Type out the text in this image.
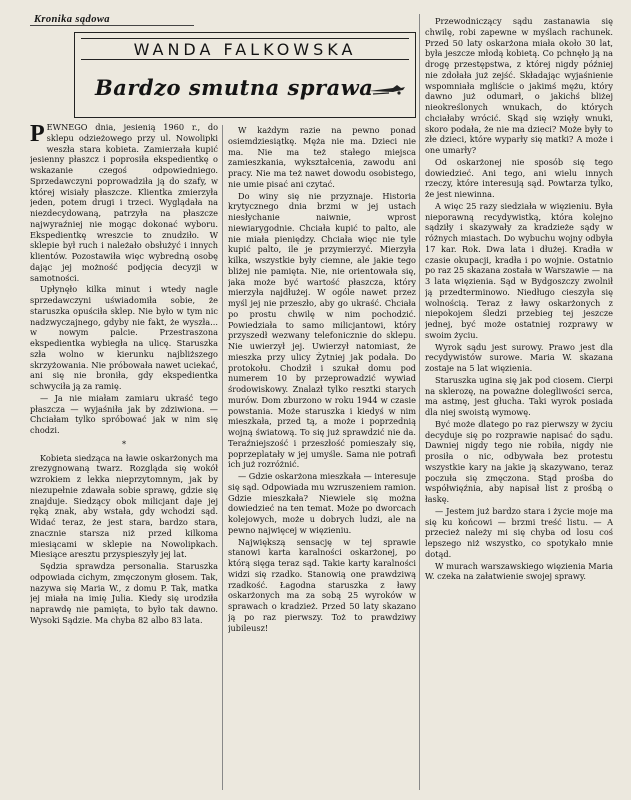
Kronika sądowa
WANDA FALKOWSKA
Bardzo smutna sprawa

PEWNEGO dnia, jesienią 1960 r., do sklepu odzieżowego przy ul. Nowolipki weszła stara kobieta. Zamierzała kupić jesienny płaszcz i poprosiła ekspedientkę o wskazanie czegoś odpowiedniego. Sprzedawczyni poprowadziła ją do szafy, w której wisiały płaszcze. Klientka zmierzyła jeden, potem drugi i trzeci. Wyglądała na niezdecydowaną, patrzyła na płaszcze najwyraźniej nie mogąc dokonać wyboru. Ekspedientkę wreszcie to znudziło. W sklepie był ruch i należało obsłużyć i innych klientów. Pozostawiła więc wybredną osobę dając jej możność podjęcia decyzji w samotności.

Upłynęło kilka minut i wtedy nagle sprzedawczyni uświadomiła sobie, że staruszka opuściła sklep. Nie było w tym nic nadzwyczajnego, gdyby nie fakt, że wyszła... w nowym palcie. Przestraszona ekspedientka wybiegła na ulicę. Staruszka szła wolno w kierunku najbliższego skrzyżowania. Nie próbowała nawet uciekać, ani się nie broniła, gdy ekspedientka schwyciła ją za ramię.

— Ja nie miałam zamiaru ukraść tego płaszcza — wyjaśniła jak by zdziwiona. — Chciałam tylko spróbować jak w nim się chodzi.

*

Kobieta siedząca na ławie oskarżonych ma zrezygnowaną twarz. Rozgląda się wokół wzrokiem z lekka nieprzytomnym, jak by niezupełnie zdawała sobie sprawę, gdzie się znajduje. Siedzący obok milicjant daje jej ręką znak, aby wstała, gdy wchodzi sąd. Widać teraz, że jest stara, bardzo stara, znacznie starsza niż przed kilkoma miesiącami w sklepie na Nowolipkach. Miesiące aresztu przyspieszyły jej lat.

Sędzia sprawdza personalia. Staruszka odpowiada cichym, zmęczonym głosem. Tak, nazywa się Maria W., z domu P. Tak, matka jej miała na imię Julia. Kiedy się urodziła naprawdę nie pamięta, to było tak dawno. Wysoki Sądzie. Ma chyba 82 albo 83 lata.

W każdym razie na pewno ponad osiemdziesiątkę. Męża nie ma. Dzieci nie ma. Nie ma też stałego miejsca zamieszkania, wykształcenia, zawodu ani pracy. Nie ma też nawet dowodu osobistego, nie umie pisać ani czytać.

Do winy się nie przyznaje. Historia krytycznego dnia brzmi w jej ustach niesłychanie naiwnie, wprost niewiarygodnie. Chciała kupić to palto, ale nie miała pieniędzy. Chciała więc nie tyle kupić palto, ile je przymierzyć. Mierzyła kilka, wszystkie były ciemne, ale jakie tego bliżej nie pamięta. Nie, nie orientowała się, jaka może być wartość płaszcza, który mierzyła najdłużej. W ogóle nawet przez myśl jej nie przeszło, aby go ukraść. Chciała po prostu chwilę w nim pochodzić. Powiedziała to samo milicjantowi, który przyszedł wezwany telefonicznie do sklepu. Nie uwierzył jej. Uwierzył natomiast, że mieszka przy ulicy Żytniej jak podała. Do protokołu. Chodził i szukał domu pod numerem 10 by przeprowadzić wywiad środowiskowy. Znalazł tylko resztki starych murów. Dom zburzono w roku 1944 w czasie powstania. Może staruszka i kiedyś w nim mieszkała, przed tą, a może i poprzednią wojną światową. To się już sprawdzić nie da. Teraźniejszość i przeszłość pomieszały się, poprzeplatały w jej umyśle. Sama nie potrafi ich już rozróżnić.

— Gdzie oskarżona mieszkała — interesuje się sąd. Odpowiada mu wzruszeniem ramion. Gdzie mieszkała? Niewiele się można dowiedzieć na ten temat. Może po dworcach kolejowych, może u dobrych ludzi, ale na pewno najwięcej w więzieniu.

Największą sensację w tej sprawie stanowi karta karalności oskarżonej, po którą sięga teraz sąd. Takie karty karalności widzi się rzadko. Stanowią one prawdziwą rzadkość. Łagodna staruszka z ławy oskarżonych ma za sobą 25 wyroków w sprawach o kradzież. Przed 50 laty skazano ją po raz pierwszy. Toż to prawdziwy jubileusz!

Przewodniczący sądu zastanawia się chwilę, robi zapewne w myślach rachunek. Przed 50 laty oskarżona miała około 30 lat, była jeszcze młodą kobietą. Co pchnęło ją na drogę przestępstwa, z której nigdy później nie zdołała już zejść. Składając wyjaśnienie wspomniała mgliście o jakimś mężu, który dawno już odumarł, o jakichś bliżej nieokreślonych wnukach, do których chciałaby wrócić. Skąd się wzięły wnuki, skoro podała, że nie ma dzieci? Może były to złe dzieci, które wyparły się matki? A może i one umarły?

Od oskarżonej nie sposób się tego dowiedzieć. Ani tego, ani wielu innych rzeczy, które interesują sąd. Powtarza tylko, że jest niewinna.

A więc 25 razy siedziała w więzieniu. Była nieporawną recydywistką, która kolejno sądziły i skazywały za kradzieże sądy w różnych miastach. Do wybuchu wojny odbyła 17 kar. Rok. Dwa lata i dłużej. Kradła w czasie okupacji, kradła i po wojnie. Ostatnio po raz 25 skazana została w Warszawie — na 3 lata więzienia. Sąd w Bydgoszczy zwolnił ją przedterminowo. Niedługo cieszyła się wolnością. Teraz z ławy oskarżonych z niepokojem śledzi przebieg tej jeszcze jednej, być może ostatniej rozprawy w swoim życiu.

Wyrok sądu jest surowy. Prawo jest dla recydywistów surowe. Maria W. skazana zostaje na 5 lat więzienia.

Staruszka ugina się jak pod ciosem. Cierpi na sklerozę, na poważne dolegliwości serca, ma astmę, jest głucha. Taki wyrok posiada dla niej swoistą wymowę.

Być może dlatego po raz pierwszy w życiu decyduje się po rozprawie napisać do sądu. Dawniej nigdy tego nie robiła, nigdy nie prosiła o nic, odbywała bez protestu wszystkie kary na jakie ją skazywano, teraz poczuła się zmęczona. Stąd prośba do współwięźnia, aby napisał list z prośbą o łaskę.

— Jestem już bardzo stara i życie moje ma się ku końcowi — brzmi treść listu. — A przecież należy mi się chyba od losu coś lepszego niż wszystko, co spotykało mnie dotąd.

W murach warszawskiego więzienia Maria W. czeka na załatwienie swojej sprawy.
